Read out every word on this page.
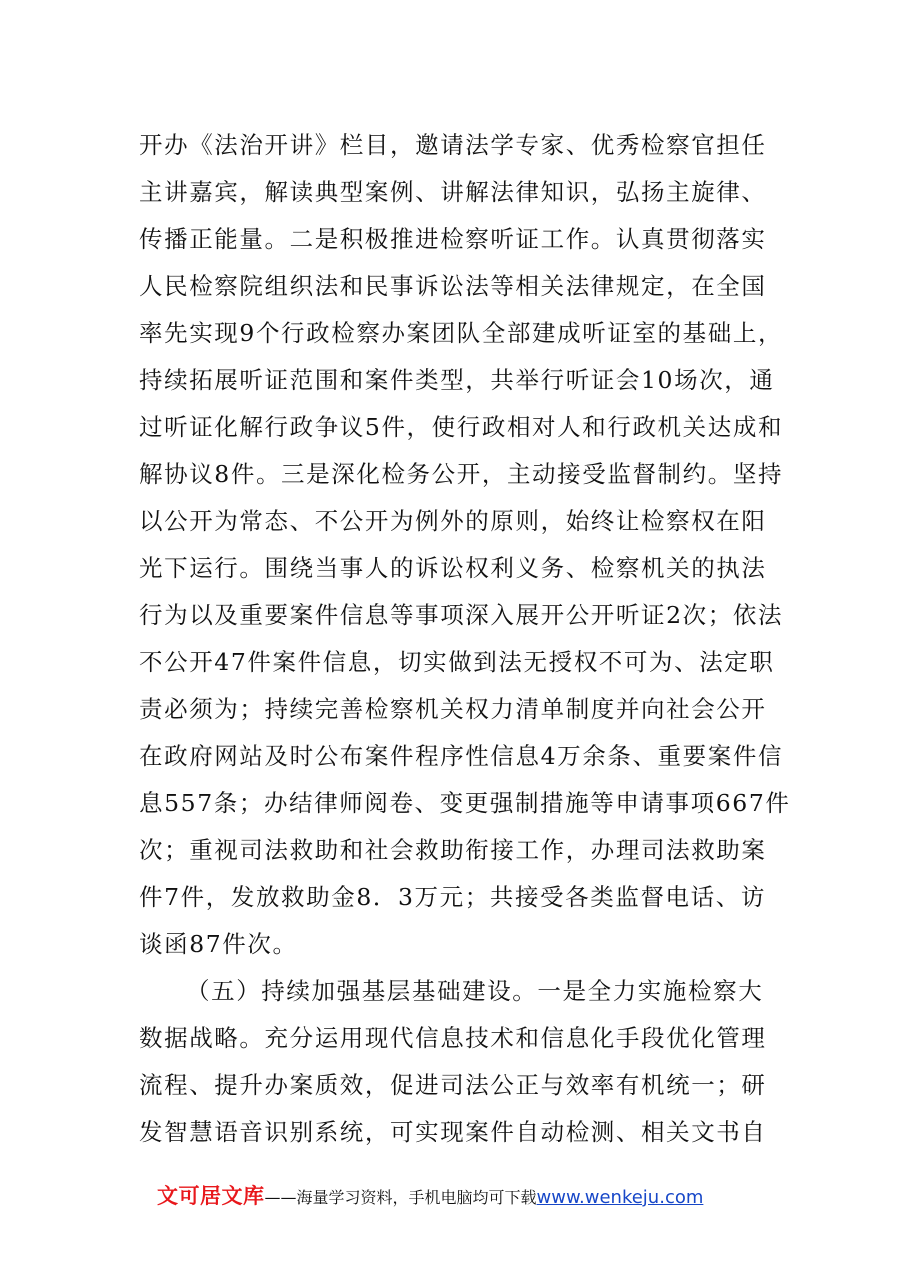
开办《法治开讲》栏目，邀请法学专家、优秀检察官担任
主讲嘉宾，解读典型案例、讲解法律知识，弘扬主旋律、
传播正能量。二是积极推进检察听证工作。认真贯彻落实
人民检察院组织法和民事诉讼法等相关法律规定，在全国
率先实现9个行政检察办案团队全部建成听证室的基础上，
持续拓展听证范围和案件类型，共举行听证会10场次，通
过听证化解行政争议5件，使行政相对人和行政机关达成和
解协议8件。三是深化检务公开，主动接受监督制约。坚持
以公开为常态、不公开为例外的原则，始终让检察权在阳
光下运行。围绕当事人的诉讼权利义务、检察机关的执法
行为以及重要案件信息等事项深入展开公开听证2次；依法
不公开47件案件信息，切实做到法无授权不可为、法定职
责必须为；持续完善检察机关权力清单制度并向社会公开
在政府网站及时公布案件程序性信息4万余条、重要案件信
息557条；办结律师阅卷、变更强制措施等申请事项667件
次；重视司法救助和社会救助衔接工作，办理司法救助案
件7件，发放救助金8．3万元；共接受各类监督电话、访
谈函87件次。
（五）持续加强基层基础建设。一是全力实施检察大
数据战略。充分运用现代信息技术和信息化手段优化管理
流程、提升办案质效，促进司法公正与效率有机统一；研
发智慧语音识别系统，可实现案件自动检测、相关文书自
文可居文库——海量学习资料，手机电脑均可下载www.wenkeju.com
